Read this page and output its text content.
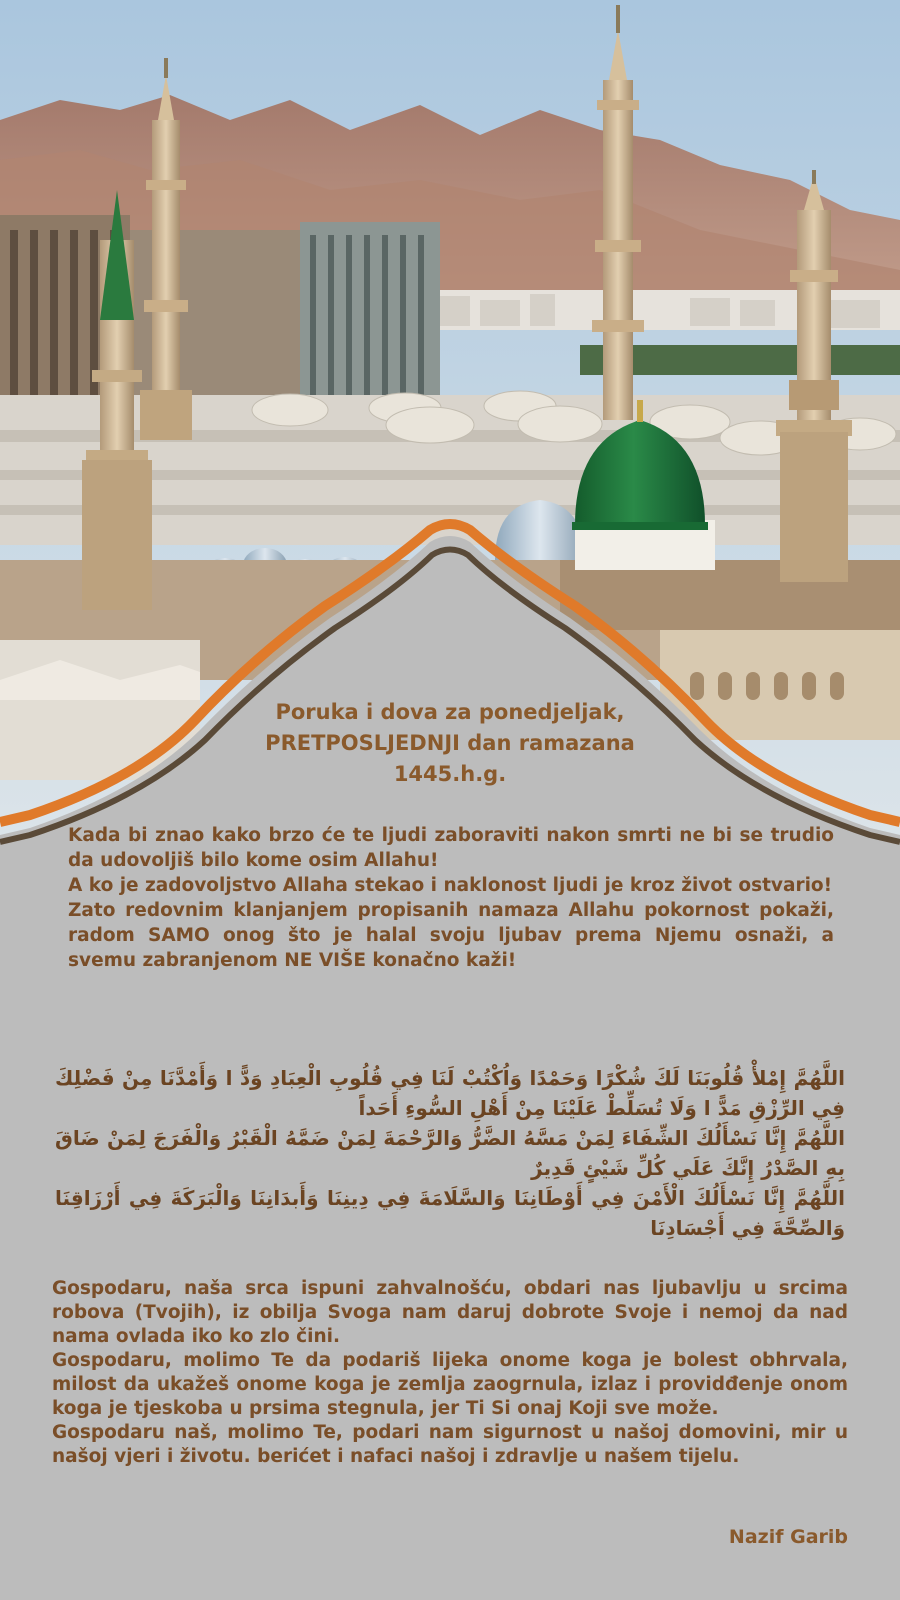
Poruka i dova za ponedjeljak,
PRETPOSLJEDNJI dan ramazana
1445.h.g.

Kada bi znao kako brzo će te ljudi zaboraviti nakon smrti ne bi se trudio da udovoljiš bilo kome osim Allahu!

A ko je zadovoljstvo Allaha stekao i naklonost ljudi je kroz život ostvario!

Zato redovnim klanjanjem propisanih namaza Allahu pokornost pokaži, radom SAMO onog što je halal svoju ljubav prema Njemu osnaži, a svemu zabranjenom NE VIŠE konačno kaži!

اللَّهُمَّ إِمْلأْ قُلُوبَنَا لَكَ شُكْرًا وَحَمْدًا وَاُكْتُبْ لَنَا فِي قُلُوبِ الْعِبَادِ وَدًّ ا وَأَمْدَّنَا مِنْ فَضْلِكَ فِي الرِّزْقِ مَدًّ ا وَلَا تُسَلِّطْ عَلَيْنَا مِنْ أَهْلِ السُّوءِ أَحَداً

اللَّهُمَّ إِنَّا نَسْأَلُكَ الشِّفَاءَ لِمَنْ مَسَّهُ الضَّرُّ وَالرَّحْمَةَ لِمَنْ ضَمَّهُ الْقَبْرُ وَالْفَرَجَ لِمَنْ ضَاقَ بِهِ الصَّدْرُ إِنَّكَ عَلَي كُلِّ شَيْئٍ قَدِيرٌ

اللَّهُمَّ إِنَّا نَسْأَلُكَ الْأَمْنَ فِي أَوْطَانِنَا وَالسَّلَامَةَ فِي دِينِنَا وَأَبدَانِنَا وَالْبَرَكَةَ فِي أَرْزَاقِنَا وَالصِّحَّةَ فِي أَجْسَادِنَا

Gospodaru, naša srca ispuni zahvalnošću, obdari nas ljubavlju u srcima robova (Tvojih), iz obilja Svoga nam daruj dobrote Svoje i nemoj da nad nama ovlada iko ko zlo čini.

Gospodaru, molimo Te da podariš lijeka onome koga je bolest obhrvala, milost da ukažeš onome koga je zemlja zaogrnula, izlaz i providđenje onom koga je tjeskoba u prsima stegnula, jer Ti Si onaj Koji sve može.

Gospodaru naš, molimo Te, podari nam sigurnost u našoj domovini, mir u našoj vjeri i životu. berićet i nafaci našoj i zdravlje u našem tijelu.

Nazif Garib
